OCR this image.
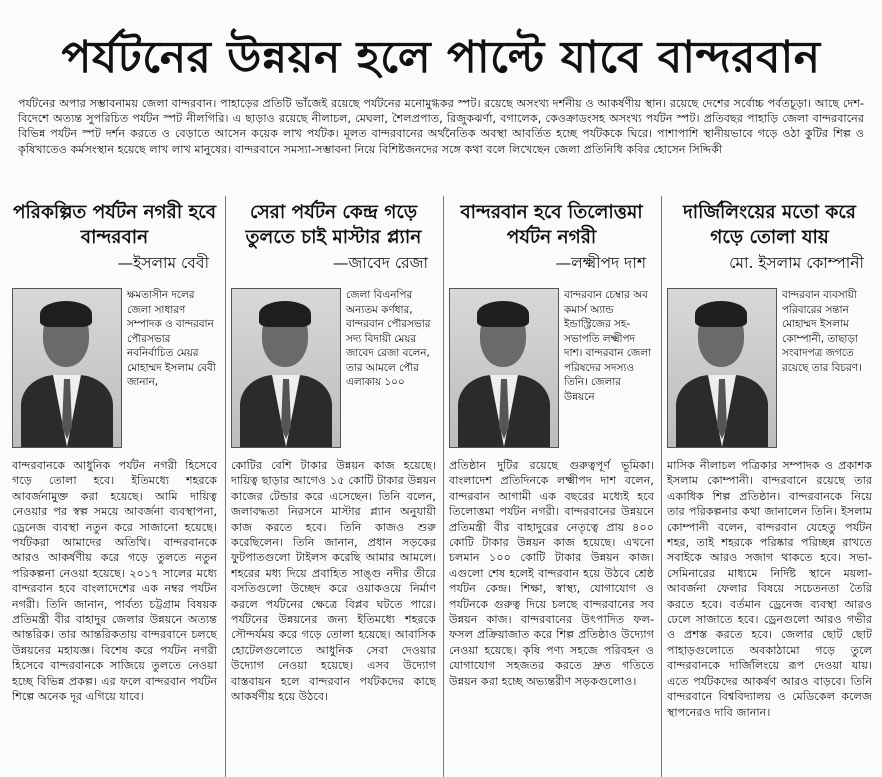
পর্যটনের উন্নয়ন হলে পাল্টে যাবে বান্দরবান
পর্যটনের অপার সম্ভাবনাময় জেলা বান্দরবান। পাহাড়ের প্রতিটি ভাঁজেই রয়েছে পর্যটনের মনোমুগ্ধকর স্পট। রয়েছে অসংখ্য দর্শনীয় ও আকর্ষণীয় স্থান। রয়েছে দেশের সর্বোচ্চ পর্বতচূড়া। আছে দেশ-বিদেশে অত্যন্ত সুপরিচিত পর্যটন স্পট নীলগিরি। এ ছাড়াও রয়েছে নীলাচল, মেঘলা, শৈলপ্রপাত, রিজুকঝর্ণা, বগালেক, কেওক্রাডংসহ অসংখ্য পর্যটন স্পট। প্রতিবছর পাহাড়ি জেলা বান্দরবানের বিভিন্ন পর্যটন স্পট দর্শন করতে ও বেড়াতে আসেন কয়েক লাখ পর্যটক। মূলত বান্দরবানের অর্থনৈতিক অবস্থা আবর্তিত হচ্ছে পর্যটককে ঘিরে। পাশাপাশি স্থানীয়ভাবে গড়ে ওঠা কুটির শিল্প ও কৃষিখাতেও কর্মসংস্থান হয়েছে লাখ লাখ মানুষের। বান্দরবানে সমস্যা-সম্ভাবনা নিয়ে বিশিষ্টজনদের সঙ্গে কথা বলে লিখেছেন জেলা প্রতিনিধি কবির হোসেন সিদ্দিকী
পরিকল্পিত পর্যটন নগরী হবে বান্দরবান
—ইসলাম বেবী
ক্ষমতাসীন দলের জেলা সাধারণ সম্পাদক ও বান্দরবান পৌরসভার নবনির্বাচিত মেয়র মোহাম্মদ ইসলাম বেবী জানান,
বান্দরবানকে আধুনিক পর্যটন নগরী হিসেবে গড়ে তোলা হবে। ইতিমধ্যে শহরকে আবর্জনামুক্ত করা হয়েছে। আমি দায়িত্ব নেওয়ার পর স্বল্প সময়ে আবর্জনা ব্যবস্থাপনা, ড্রেনেজ ব্যবস্থা নতুন করে সাজানো হয়েছে। পর্যটকরা আমাদের অতিথি। বান্দরবানকে আরও আকর্ষণীয় করে গড়ে তুলতে নতুন পরিকল্পনা নেওয়া হয়েছে। ২০১৭ সালের মধ্যে বান্দরবান হবে বাংলাদেশের এক নম্বর পর্যটন নগরী। তিনি জানান, পার্বত্য চট্টগ্রাম বিষয়ক প্রতিমন্ত্রী বীর বাহাদুর জেলার উন্নয়নে অত্যন্ত আন্তরিক। তার আন্তরিকতায় বান্দরবানে চলছে উন্নয়নের মহাযজ্ঞ। বিশেষ করে পর্যটন নগরী হিসেবে বান্দরবানকে সাজিয়ে তুলতে নেওয়া হচ্ছে বিভিন্ন প্রকল্প। এর ফলে বান্দরবান পর্যটন শিল্পে অনেক দূর এগিয়ে যাবে।
সেরা পর্যটন কেন্দ্র গড়ে তুলতে চাই মাস্টার প্ল্যান
—জাবেদ রেজা
জেলা বিএনপির অন্যতম কর্ণধার, বান্দরবান পৌরসভার সদ্য বিদায়ী মেয়র জাবেদ রেজা বলেন, তার আমলে পৌর এলাকায় ১০০
কোটির বেশি টাকার উন্নয়ন কাজ হয়েছে। দায়িত্ব ছাড়ার আগেও ১৫ কোটি টাকার উন্নয়ন কাজের টেন্ডার করে এসেছেন। তিনি বলেন, জলাবদ্ধতা নিরসনে মাস্টার প্ল্যান অনুযায়ী কাজ করতে হবে। তিনি কাজও শুরু করেছিলেন। তিনি জানান, প্রধান সড়কের ফুটপাতগুলো টাইলস করেছি আমার আমলে। শহরের মধ্য দিয়ে প্রবাহিত সাঙ্গু নদীর তীরে বসতিগুলো উচ্ছেদ করে ওয়াকওয়ে নির্মাণ করলে পর্যটনের ক্ষেত্রে বিপ্লব ঘটতে পারে। পর্যটনের উন্নয়নের জন্য ইতিমধ্যে শহরকে সৌন্দর্যময় করে গড়ে তোলা হয়েছে। আবাসিক হোটেলগুলোতে আধুনিক সেবা দেওয়ার উদ্যোগ নেওয়া হয়েছে। এসব উদ্যোগ বাস্তবায়ন হলে বান্দরবান পর্যটকদের কাছে আকর্ষণীয় হয়ে উঠবে।
বান্দরবান হবে তিলোত্তমা পর্যটন নগরী
—লক্ষ্মীপদ দাশ
বান্দরবান চেম্বার অব কমার্স অ্যান্ড ইন্ডাস্ট্রিজের সহ-সভাপতি লক্ষ্মীপদ দাশ। বান্দরবান জেলা পরিষদের সদস্যও তিনি। জেলার উন্নয়নে
প্রতিষ্ঠান দুটির রয়েছে গুরুত্বপূর্ণ ভূমিকা। বাংলাদেশ প্রতিদিনকে লক্ষ্মীপদ দাশ বলেন, বান্দরবান আগামী এক বছরের মধ্যেই হবে তিলোত্তমা পর্যটন নগরী। বান্দরবানের উন্নয়নে প্রতিমন্ত্রী বীর বাহাদুরের নেতৃত্বে প্রায় ৪০০ কোটি টাকার উন্নয়ন কাজ হয়েছে। এখনো চলমান ১০০ কোটি টাকার উন্নয়ন কাজ। এগুলো শেষ হলেই বান্দরবান হয়ে উঠবে শ্রেষ্ঠ পর্যটন কেন্দ্র। শিক্ষা, স্বাস্থ্য, যোগাযোগ ও পর্যটনকে গুরুত্ব দিয়ে চলছে বান্দরবানের সব উন্নয়ন কাজ। বান্দরবানের উৎপাদিত ফল-ফসল প্রক্রিয়াজাত করে শিল্প প্রতিষ্ঠাও উদ্যোগ নেওয়া হয়েছে। কৃষি পণ্য সহজে পরিবহন ও যোগাযোগ সহজতর করতে দ্রুত গতিতে উন্নয়ন করা হচ্ছে অভ্যন্তরীণ সড়কগুলোও।
দার্জিলিংয়ের মতো করে গড়ে তোলা যায়
মো. ইসলাম কোম্পানী
বান্দরবান ব্যবসায়ী পরিবারের সন্তান মোহাম্মদ ইসলাম কোম্পানী, তাছাড়া সংবাদপত্র জগতে রয়েছে তার বিচরণ।
মাসিক নীলাচল পত্রিকার সম্পাদক ও প্রকাশক ইসলাম কোম্পানী। বান্দরবানে রয়েছে তার একাধিক শিল্প প্রতিষ্ঠান। বান্দরবানকে নিয়ে তার পরিকল্পনার কথা জানালেন তিনি। ইসলাম কোম্পানী বলেন, বান্দরবান যেহেতু পর্যটন শহর, তাই শহরকে পরিষ্কার পরিচ্ছন্ন রাখতে সবাইকে আরও সজাগ থাকতে হবে। সভা-সেমিনারের মাধ্যমে নির্দিষ্ট স্থানে ময়লা-আবর্জনা ফেলার বিষয়ে সচেতনতা তৈরি করতে হবে। বর্তমান ড্রেনেজ ব্যবস্থা আরও ঢেলে সাজাতে হবে। ড্রেনগুলো আরও গভীর ও প্রশস্ত করতে হবে। জেলার ছোট ছোট পাহাড়গুলোতে অবকাঠামো গড়ে তুলে বান্দরবানকে দার্জিলিংয়ে রূপ দেওয়া যায়। এতে পর্যটকদের আকর্ষণ আরও বাড়বে। তিনি বান্দরবানে বিশ্ববিদ্যালয় ও মেডিকেল কলেজ স্থাপনেরও দাবি জানান।
